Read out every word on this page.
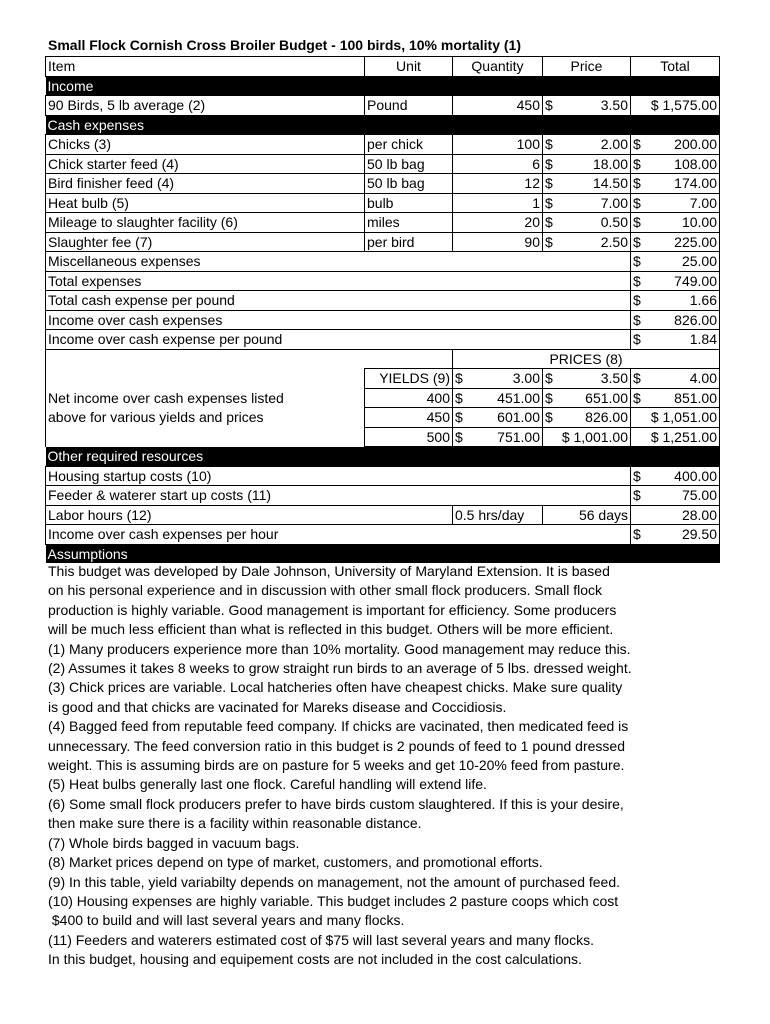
Small Flock Cornish Cross Broiler Budget - 100 birds, 10% mortality (1)
Item	Unit	Quantity	Price	Total
Income				
90 Birds, 5 lb average (2)	Pound	450	$ 3.50	$ 1,575.00
Cash expenses				
Chicks (3)	per chick	100	$ 2.00	$ 200.00

Chick starter feed (4)	50 lb bag	6	$ 18.00	$ 108.00

Bird finisher feed (4)	50 lb bag	12	$ 14.50	$ 174.00

Heat bulb (5)	bulb	1	$ 7.00	$ 7.00

Mileage to slaughter facility (6)	miles	20	$ 0.50	$ 10.00

Slaughter fee (7)	per bird	90	$ 2.50	$ 225.00

Miscellaneous expenses				$ 25.00

Total expenses				$ 749.00

Total cash expense per pound				$ 1.66

Income over cash expenses				$ 826.00

Income over cash expense per pound				$ 1.84

Net income over cash expenses listed
above for various yields and prices		PRICES (8)		
	YIELDS (9)	$ 3.00	$ 3.50	$ 4.00

	400	$ 451.00	$ 651.00	$ 851.00

	450	$ 601.00	$ 826.00	$ 1,051.00
	500	$ 751.00	$ 1,001.00	$ 1,251.00
Other required resources				
Housing startup costs (10)				$ 400.00

Feeder & waterer start up costs (11)				$ 75.00

Labor hours (12)		0.5 hrs/day	56 days	28.00
Income over cash expenses per hour				$ 29.50

Assumptions				
This budget was developed by Dale Johnson, University of Maryland Extension. It is based
on his personal experience and in discussion with other small flock producers. Small flock
production is highly variable. Good management is important for efficiency. Some producers
will be much less efficient than what is reflected in this budget. Others will be more efficient.
(1) Many producers experience more than 10% mortality. Good management may reduce this.
(2) Assumes it takes 8 weeks to grow straight run birds to an average of 5 lbs. dressed weight.
(3) Chick prices are variable. Local hatcheries often have cheapest chicks. Make sure quality
is good and that chicks are vacinated for Mareks disease and Coccidiosis.
(4) Bagged feed from reputable feed company. If chicks are vacinated, then medicated feed is
unnecessary. The feed conversion ratio in this budget is 2 pounds of feed to 1 pound dressed
weight. This is assuming birds are on pasture for 5 weeks and get 10-20% feed from pasture.
(5) Heat bulbs generally last one flock. Careful handling will extend life.
(6) Some small flock producers prefer to have birds custom slaughtered. If this is your desire,
then make sure there is a facility within reasonable distance.
(7) Whole birds bagged in vacuum bags.
(8) Market prices depend on type of market, customers, and promotional efforts.
(9) In this table, yield variabilty depends on management, not the amount of purchased feed.
(10) Housing expenses are highly variable. This budget includes 2 pasture coops which cost
$400 to build and will last several years and many flocks.
(11) Feeders and waterers estimated cost of $75 will last several years and many flocks.
In this budget, housing and equipement costs are not included in the cost calculations.
